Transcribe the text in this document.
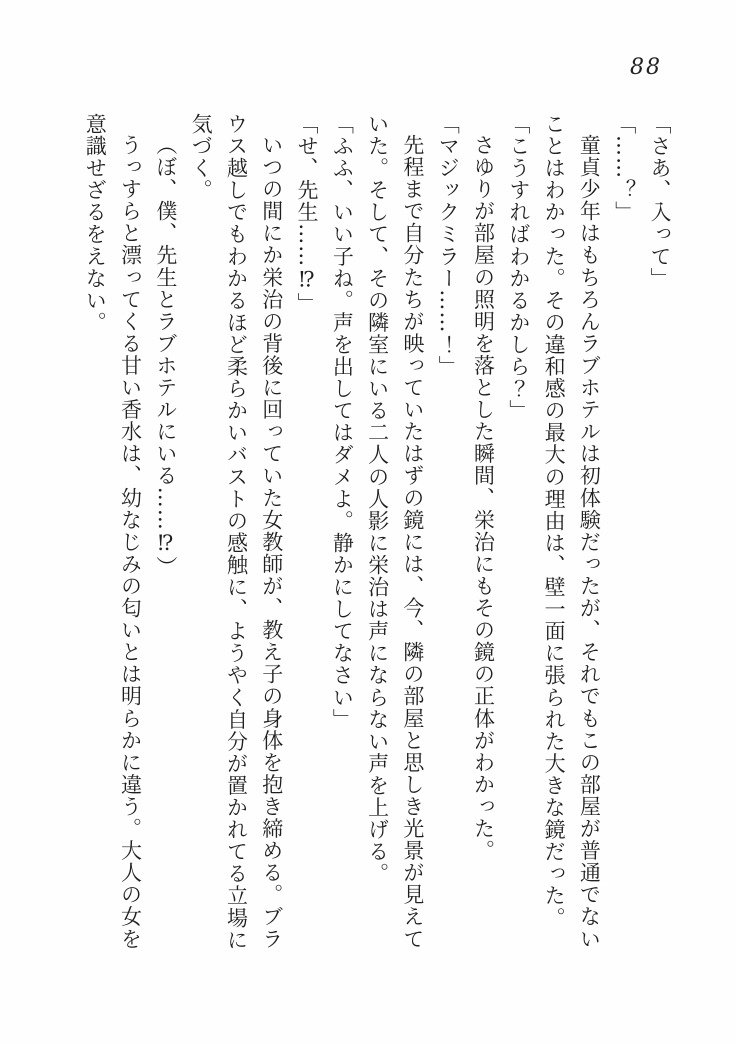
88
「さあ、入って」
「……？」
童貞少年はもちろんラブホテルは初体験だったが、それでもこの部屋が普通でない
ことはわかった。その違和感の最大の理由は、壁一面に張られた大きな鏡だった。
「こうすればわかるかしら？」
さゆりが部屋の照明を落とした瞬間、栄治にもその鏡の正体がわかった。
「マジックミラー……！」
先程まで自分たちが映っていたはずの鏡には、今、隣の部屋と思しき光景が見えて
いた。そして、その隣室にいる二人の人影に栄治は声にならない声を上げる。
「ふふ、いい子ね。声を出してはダメよ。静かにしてなさい」
「せ、先生……⁉」
いつの間にか栄治の背後に回っていた女教師が、教え子の身体を抱き締める。ブラ
ウス越しでもわかるほど柔らかいバストの感触に、ようやく自分が置かれてる立場に
気づく。
（ぼ、僕、先生とラブホテルにいる……⁉）
うっすらと漂ってくる甘い香水は、幼なじみの匂いとは明らかに違う。大人の女を
意識せざるをえない。
